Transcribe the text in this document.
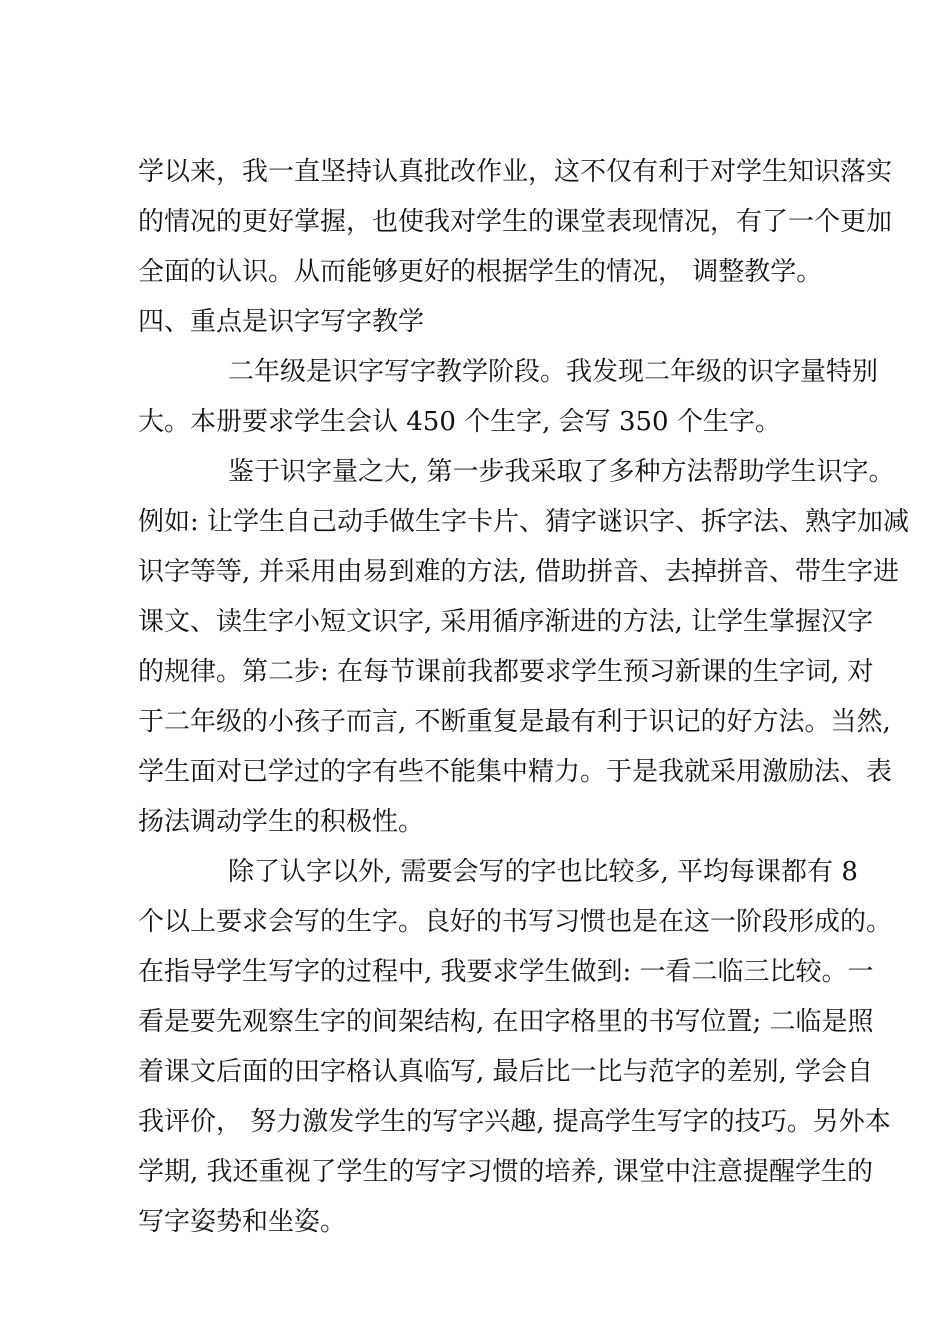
学以来，我一直坚持认真批改作业，这不仅有利于对学生知识落实
的情况的更好掌握，也使我对学生的课堂表现情况，有了一个更加
全面的认识。从而能够更好的根据学生的情况， 调整教学。
四、重点是识字写字教学
二年级是识字写字教学阶段。我发现二年级的识字量特别
大。本册要求学生会认 450 个生字, 会写 350 个生字。
鉴于识字量之大, 第一步我采取了多种方法帮助学生识字。
例如: 让学生自己动手做生字卡片、猜字谜识字、拆字法、熟字加减
识字等等, 并采用由易到难的方法, 借助拼音、去掉拼音、带生字进
课文、读生字小短文识字, 采用循序渐进的方法, 让学生掌握汉字
的规律。第二步: 在每节课前我都要求学生预习新课的生字词, 对
于二年级的小孩子而言, 不断重复是最有利于识记的好方法。当然,
学生面对已学过的字有些不能集中精力。于是我就采用激励法、表
扬法调动学生的积极性。
除了认字以外, 需要会写的字也比较多, 平均每课都有 8
个以上要求会写的生字。良好的书写习惯也是在这一阶段形成的。
在指导学生写字的过程中, 我要求学生做到: 一看二临三比较。一
看是要先观察生字的间架结构, 在田字格里的书写位置; 二临是照
着课文后面的田字格认真临写, 最后比一比与范字的差别, 学会自
我评价， 努力激发学生的写字兴趣, 提高学生写字的技巧。另外本
学期, 我还重视了学生的写字习惯的培养, 课堂中注意提醒学生的
写字姿势和坐姿。
